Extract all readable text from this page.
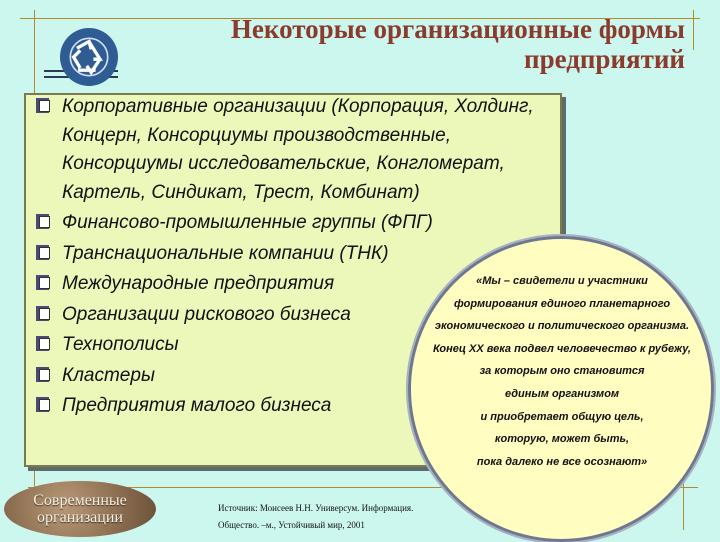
Некоторые организационные формы
предприятий
Корпоративные организации (Корпорация, Холдинг, Концерн, Консорциумы производственные, Консорциумы исследовательские, Конгломерат, Картель, Синдикат, Трест, Комбинат)
Финансово-промышленные группы (ФПГ)
Транснациональные компании (ТНК)
Международные предприятия
Организации рискового бизнеса
Технополисы
Кластеры
Предприятия малого бизнеса
«Мы – свидетели и участники
формирования единого планетарного
экономического и политического организма.
Конец XX века подвел человечество к рубежу,
за которым оно становится
единым организмом
и приобретает общую цель,
которую, может быть,
пока далеко не все осознают»
Современные
организации
Источник: Моисеев Н.Н. Универсум. Информация.
Общество. –м., Устойчивый мир, 2001
